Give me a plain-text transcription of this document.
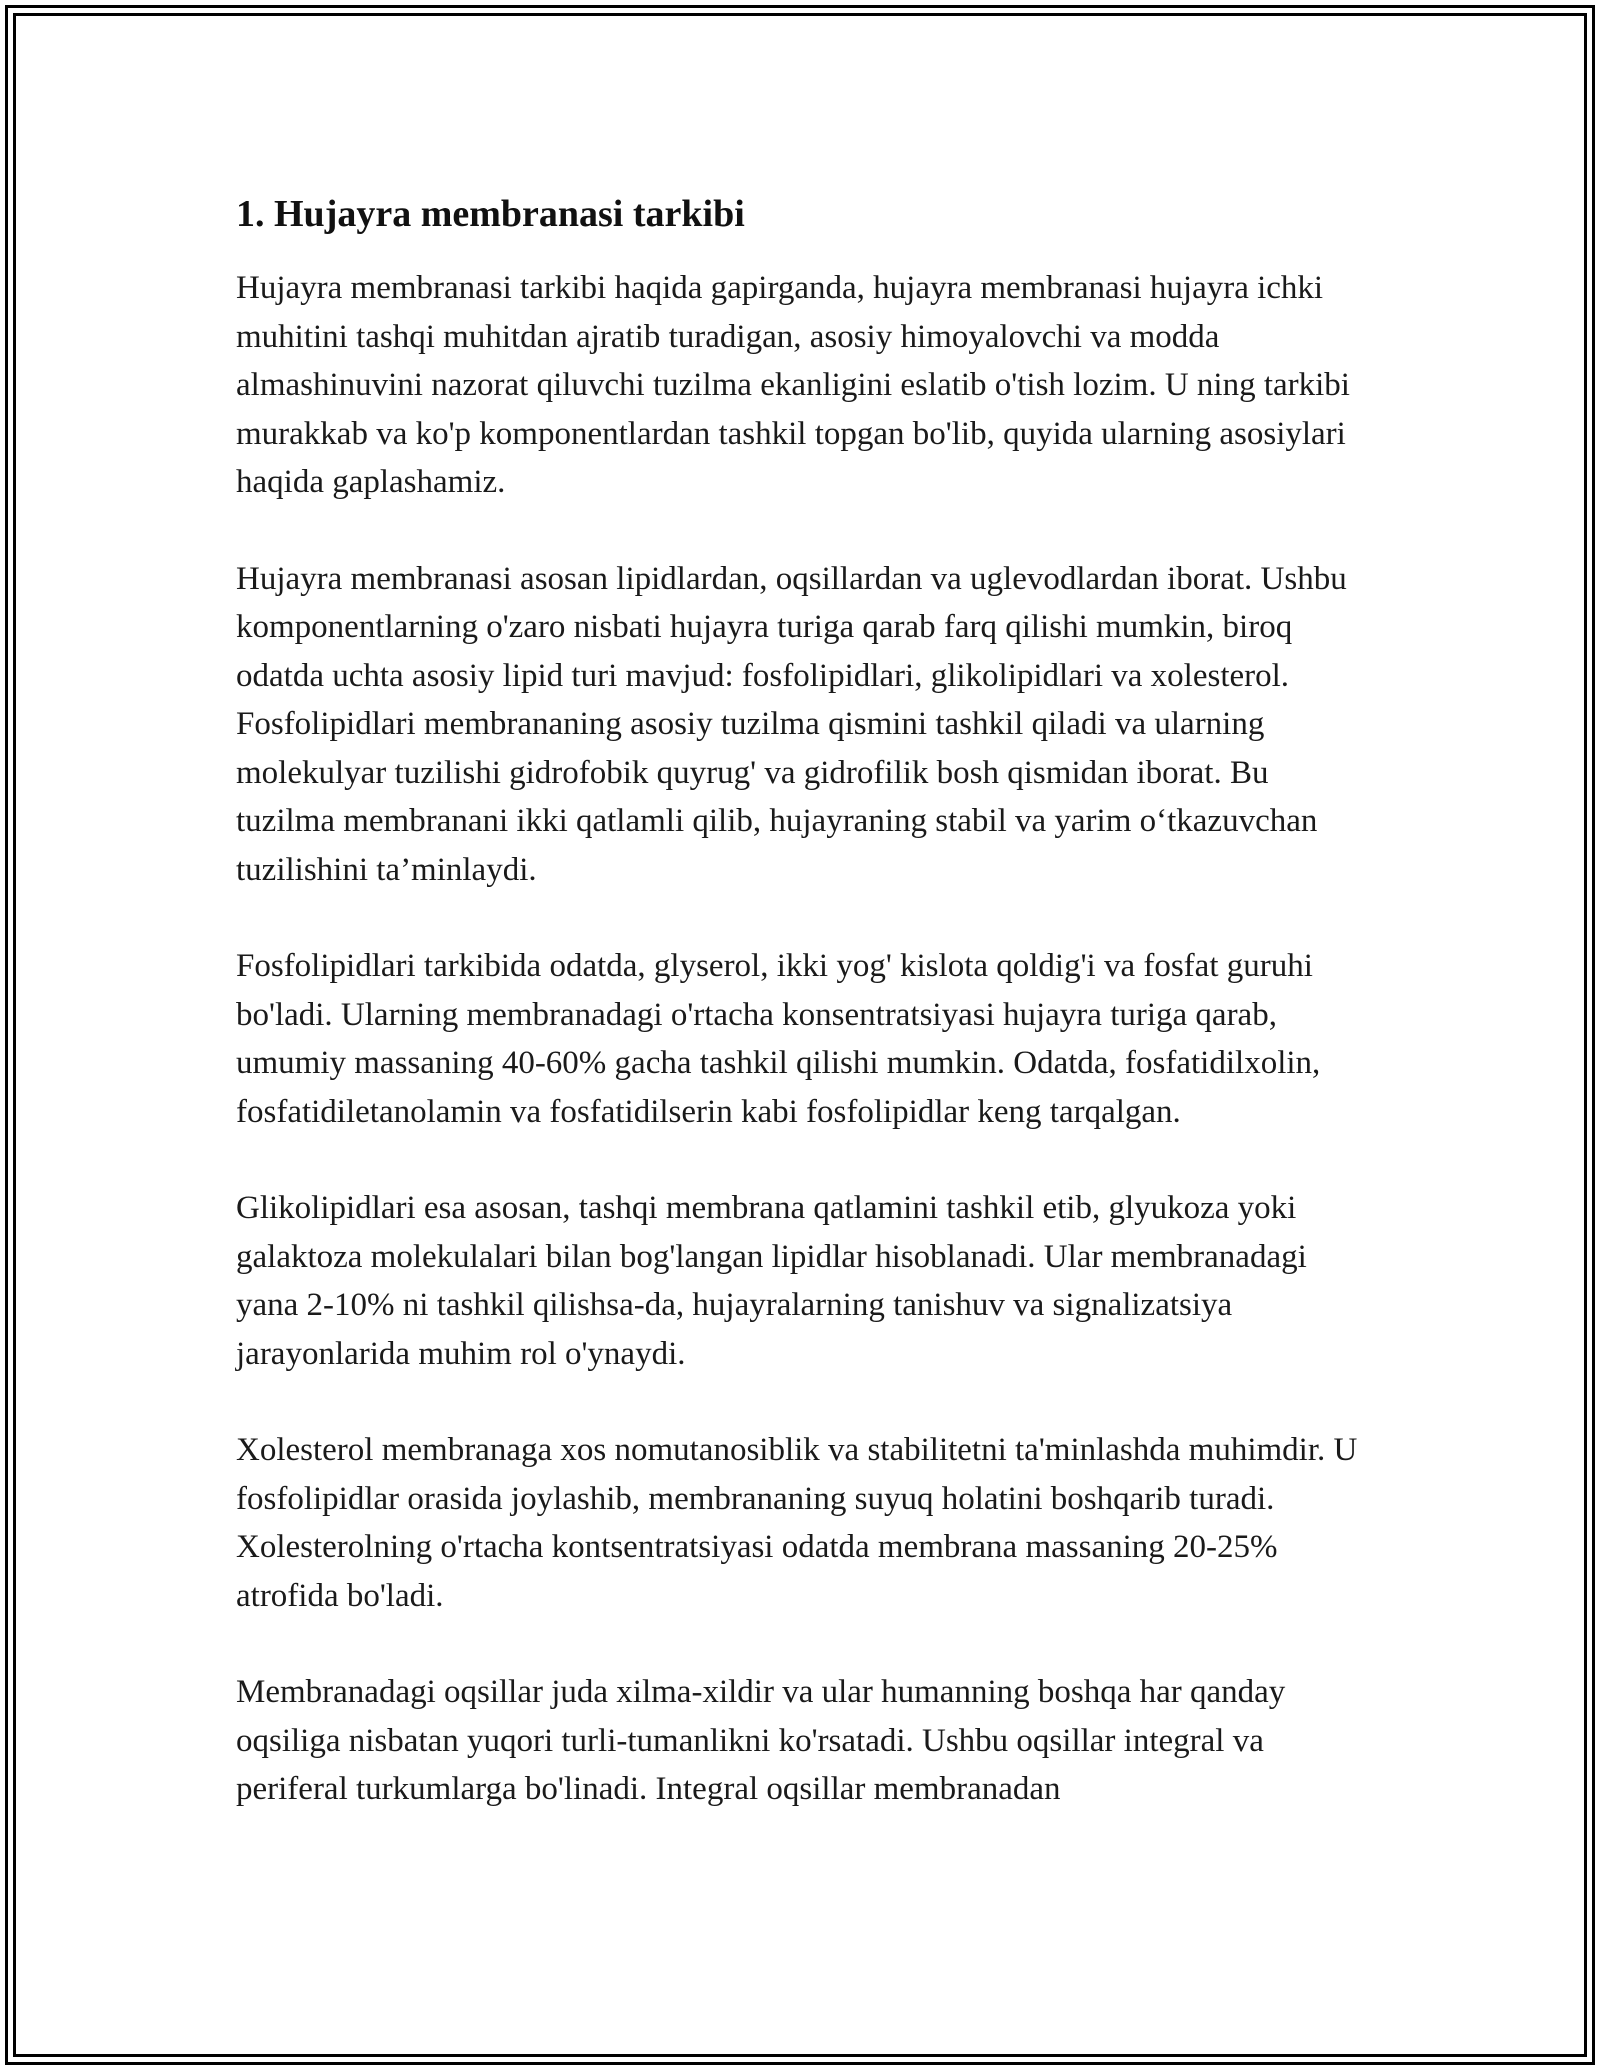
1. Hujayra membranasi tarkibi

Hujayra membranasi tarkibi haqida gapirganda, hujayra membranasi hujayra ichki muhitini tashqi muhitdan ajratib turadigan, asosiy himoyalovchi va modda almashinuvini nazorat qiluvchi tuzilma ekanligini eslatib o'tish lozim. U ning tarkibi murakkab va ko'p komponentlardan tashkil topgan bo'lib, quyida ularning asosiylari haqida gaplashamiz.

Hujayra membranasi asosan lipidlardan, oqsillardan va uglevodlardan iborat. Ushbu komponentlarning o'zaro nisbati hujayra turiga qarab farq qilishi mumkin, biroq odatda uchta asosiy lipid turi mavjud: fosfolipidlari, glikolipidlari va xolesterol. Fosfolipidlari membrananing asosiy tuzilma qismini tashkil qiladi va ularning molekulyar tuzilishi gidrofobik quyrug' va gidrofilik bosh qismidan iborat. Bu tuzilma membranani ikki qatlamli qilib, hujayraning stabil va yarim o‘tkazuvchan tuzilishini ta’minlaydi.

Fosfolipidlari tarkibida odatda, glyserol, ikki yog' kislota qoldig'i va fosfat guruhi bo'ladi. Ularning membranadagi o'rtacha konsentratsiyasi hujayra turiga qarab, umumiy massaning 40-60% gacha tashkil qilishi mumkin. Odatda, fosfatidilxolin, fosfatidiletanolamin va fosfatidilserin kabi fosfolipidlar keng tarqalgan.

Glikolipidlari esa asosan, tashqi membrana qatlamini tashkil etib, glyukoza yoki galaktoza molekulalari bilan bog'langan lipidlar hisoblanadi. Ular membranadagi yana 2-10% ni tashkil qilishsa-da, hujayralarning tanishuv va signalizatsiya jarayonlarida muhim rol o'ynaydi.

Xolesterol membranaga xos nomutanosiblik va stabilitetni ta'minlashda muhimdir. U fosfolipidlar orasida joylashib, membrananing suyuq holatini boshqarib turadi. Xolesterolning o'rtacha kontsentratsiyasi odatda membrana massaning 20-25% atrofida bo'ladi.

Membranadagi oqsillar juda xilma-xildir va ular humanning boshqa har qanday oqsiliga nisbatan yuqori turli-tumanlikni ko'rsatadi. Ushbu oqsillar integral va periferal turkumlarga bo'linadi. Integral oqsillar membranadan
